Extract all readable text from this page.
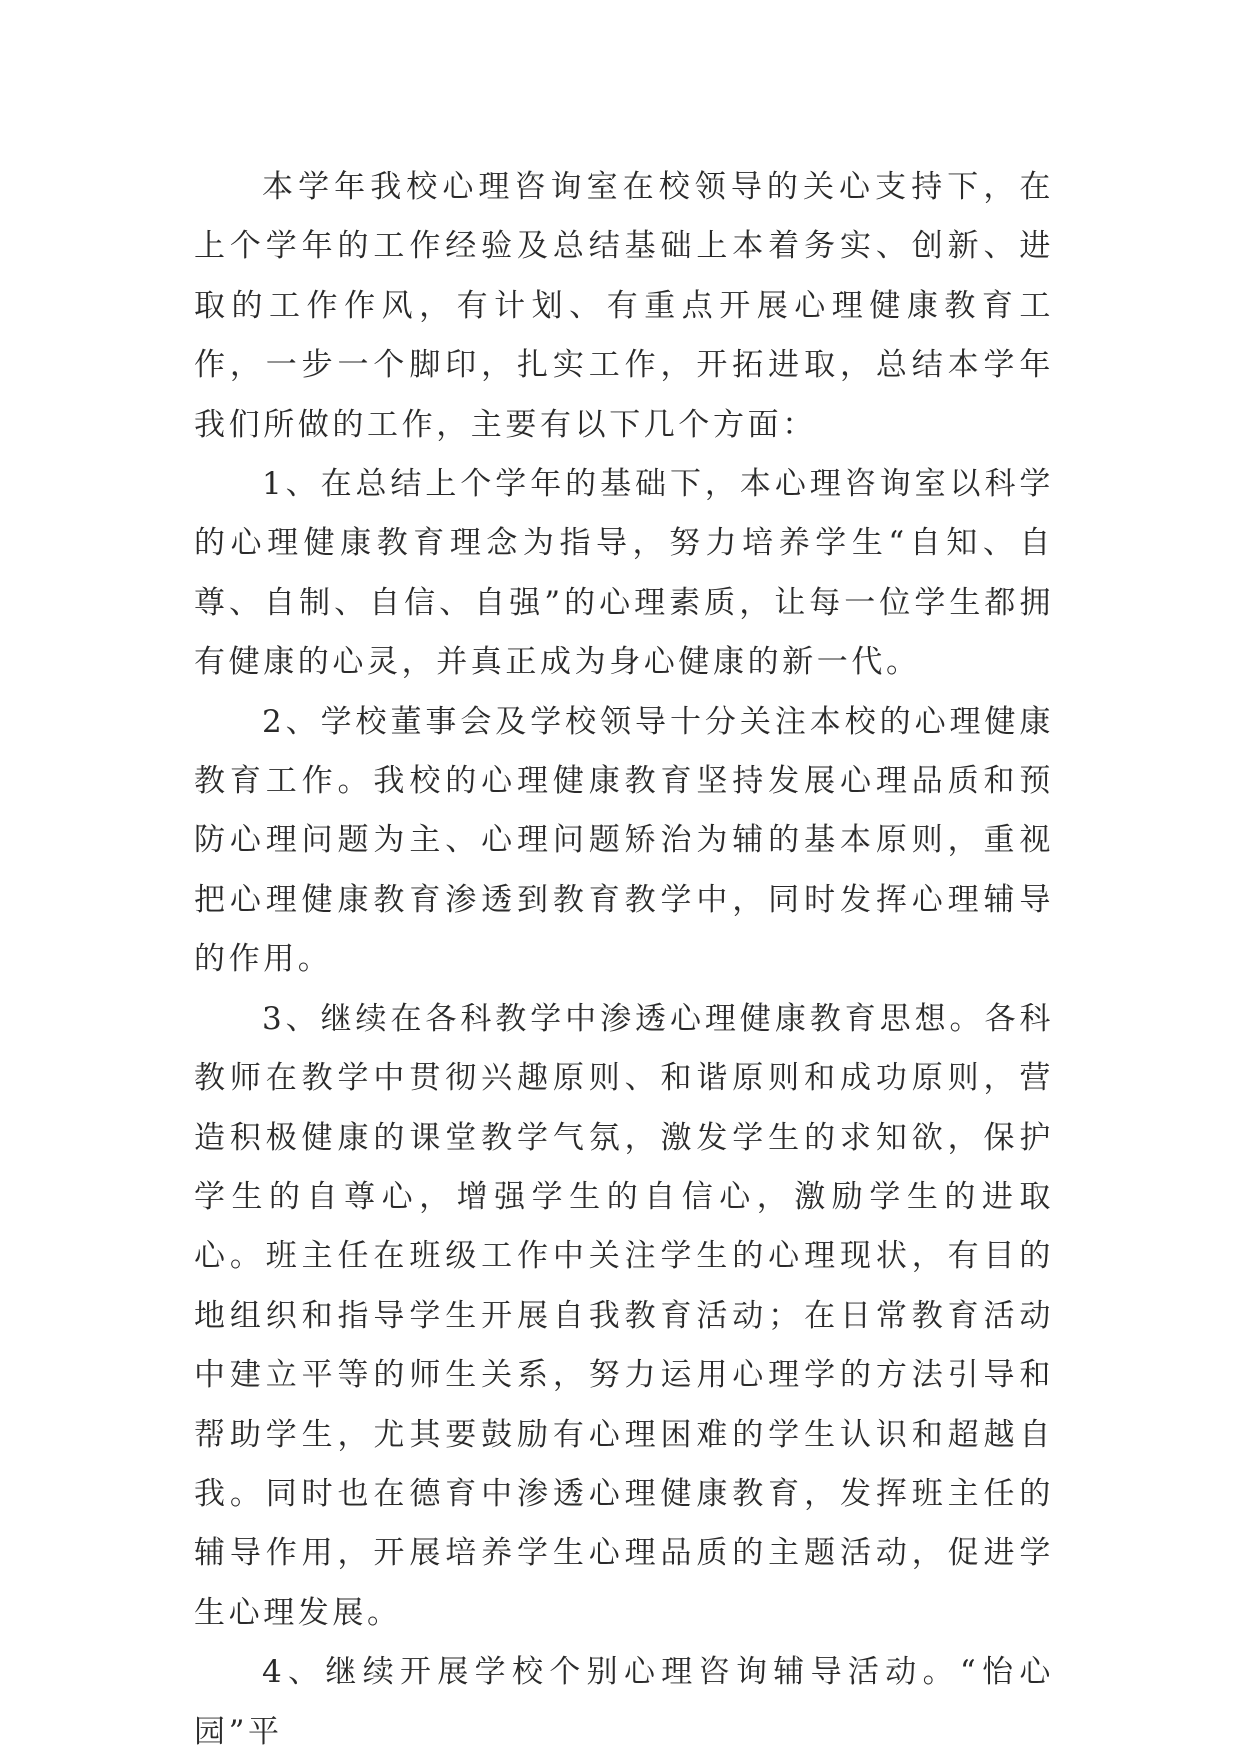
本学年我校心理咨询室在校领导的关心支持下，在上个学年的工作经验及总结基础上本着务实、创新、进取的工作作风，有计划、有重点开展心理健康教育工作，一步一个脚印，扎实工作，开拓进取，总结本学年我们所做的工作，主要有以下几个方面：

1、在总结上个学年的基础下，本心理咨询室以科学的心理健康教育理念为指导，努力培养学生“自知、自尊、自制、自信、自强”的心理素质，让每一位学生都拥有健康的心灵，并真正成为身心健康的新一代。

2、学校董事会及学校领导十分关注本校的心理健康教育工作。我校的心理健康教育坚持发展心理品质和预防心理问题为主、心理问题矫治为辅的基本原则，重视把心理健康教育渗透到教育教学中，同时发挥心理辅导的作用。

3、继续在各科教学中渗透心理健康教育思想。各科教师在教学中贯彻兴趣原则、和谐原则和成功原则，营造积极健康的课堂教学气氛，激发学生的求知欲，保护学生的自尊心，增强学生的自信心，激励学生的进取心。班主任在班级工作中关注学生的心理现状，有目的地组织和指导学生开展自我教育活动；在日常教育活动中建立平等的师生关系，努力运用心理学的方法引导和帮助学生，尤其要鼓励有心理困难的学生认识和超越自我。同时也在德育中渗透心理健康教育，发挥班主任的辅导作用，开展培养学生心理品质的主题活动，促进学生心理发展。

4、继续开展学校个别心理咨询辅导活动。“怡心园”平
